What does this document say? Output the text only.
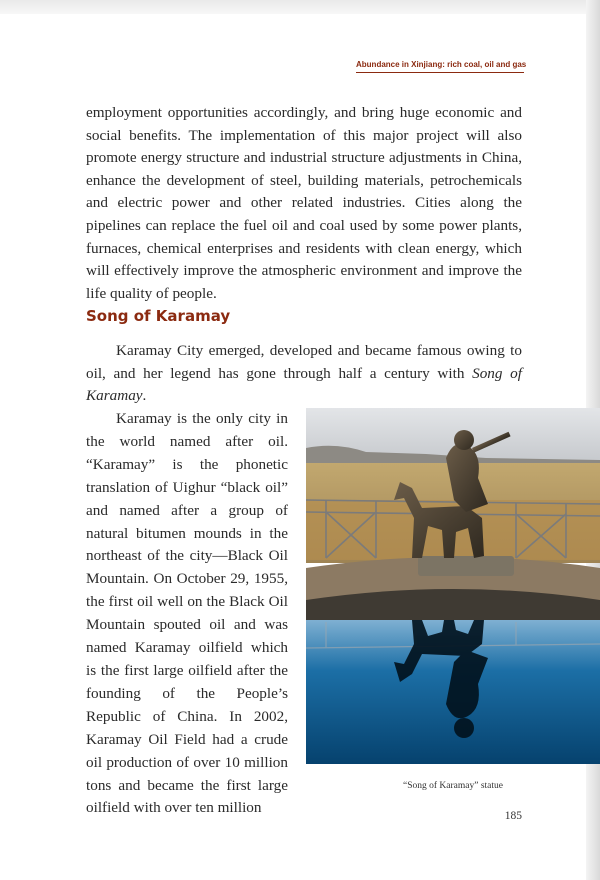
Abundance in Xinjiang: rich coal, oil and gas

employment opportunities accordingly, and bring huge economic and social benefits. The implementation of this major project will also promote energy structure and industrial structure adjustments in China, enhance the development of steel, building materials, petrochemicals and electric power and other related industries. Cities along the pipelines can replace the fuel oil and coal used by some power plants, furnaces, chemical enterprises and residents with clean energy, which will effectively improve the atmospheric environment and improve the life quality of people.

Song of Karamay

Karamay City emerged, developed and became famous owing to oil, and her legend has gone through half a century with Song of Karamay.

Karamay is the only city in the world named after oil. “Karamay” is the phonetic translation of Uighur “black oil” and named after a group of natural bitumen mounds in the northeast of the city—Black Oil Mountain. On October 29, 1955, the first oil well on the Black Oil Mountain spouted oil and was named Karamay oilfield which is the first large oilfield after the founding of the People’s Republic of China. In 2002, Karamay Oil Field had a crude oil production of over 10 million tons and became the first large oilfield with over ten million

“Song of Karamay” statue
185
